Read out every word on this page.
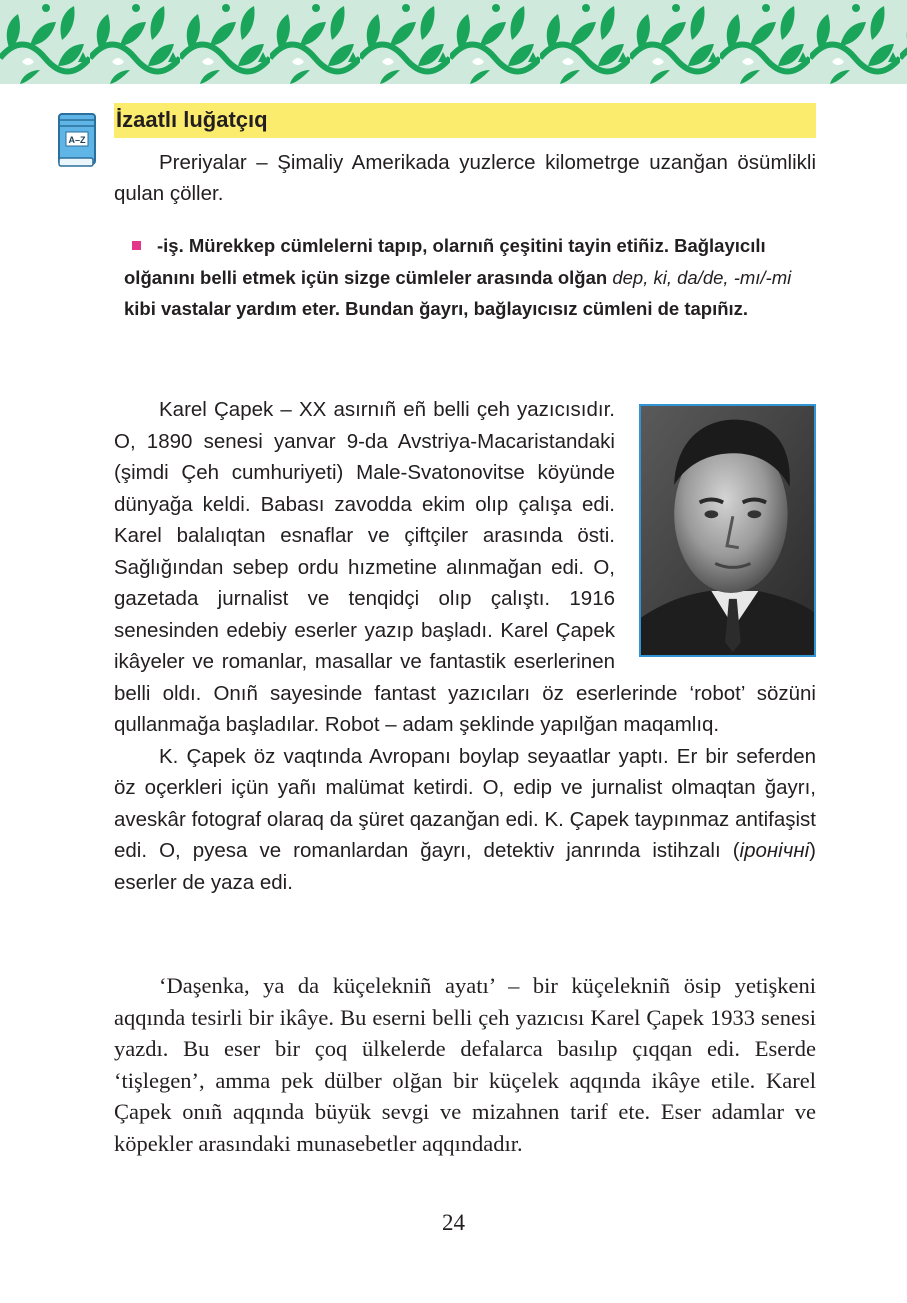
A–Z
İzaatlı luğatçıq

Preriyalar – Şimaliy Amerikada yuzlerce kilometrge uzanğan ösümlikli qulan çöller.

-iş. Mürekkep cümlelerni tapıp, olarnıñ çeşitini tayin etiñiz. Bağlayıcılı olğanını belli etmek içün sizge cümleler arasında olğan dep, ki, da/de, -mı/-mi kibi vastalar yardım eter. Bundan ğayrı, bağlayıcısız cümleni de tapıñız.

Karel Çapek – XX asırnıñ eñ belli çeh yazıcısıdır. O, 1890 senesi yanvar 9-da Avstriya-Macaristandaki (şimdi Çeh cumhuriyeti) Male-Svatonovitse köyünde dünyağa keldi. Babası zavodda ekim olıp çalışa edi. Karel balalıqtan esnaflar ve çiftçiler arasında östi. Sağlığından sebep ordu hızmetine alınmağan edi. O, gazetada jurnalist ve tenqidçi olıp çalıştı. 1916 senesinden edebiy eserler yazıp başladı. Karel Çapek ikâyeler ve romanlar, masallar ve fantastik eserlerinen belli oldı. Onıñ sayesinde fantast yazıcıları öz eserlerinde ‘robot’ sözüni qullanmağa başladılar. Robot – adam şeklinde yapılğan maqamlıq.

K. Çapek öz vaqtında Avropanı boylap seyaatlar yaptı. Er bir seferden öz oçerkleri içün yañı malümat ketirdi. O, edip ve jurnalist olmaqtan ğayrı, aveskâr fotograf olaraq da şüret qazanğan edi. K. Çapek taypınmaz antifaşist edi. O, pyesa ve romanlardan ğayrı, detektiv janrında istihzalı (іронічні) eserler de yaza edi.

‘Daşenka, ya da küçelekniñ ayatı’ – bir küçelekniñ ösip yetişkeni aqqında tesirli bir ikâye. Bu eserni belli çeh yazıcısı Karel Çapek 1933 senesi yazdı. Bu eser bir çoq ülkelerde defalarca basılıp çıqqan edi. Eserde ‘tişlegen’, amma pek dülber olğan bir küçelek aqqında ikâye etile. Karel Çapek onıñ aqqında büyük sevgi ve mizahnen tarif ete. Eser adamlar ve köpekler arasındaki munasebetler aqqındadır.

24
